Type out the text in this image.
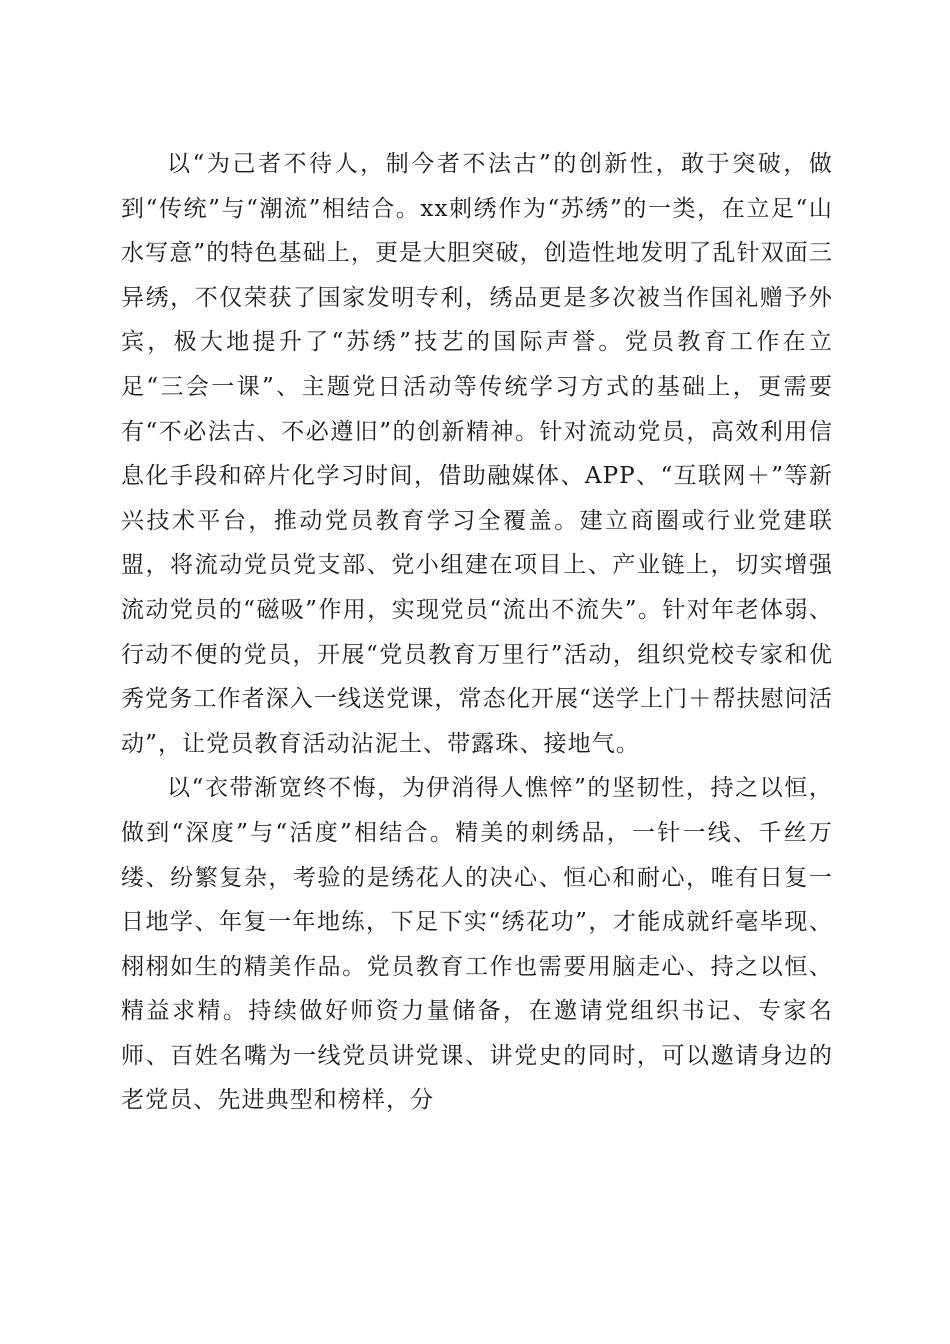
以“为己者不待人，制今者不法古”的创新性，敢于突破，做到“传统”与“潮流”相结合。xx刺绣作为“苏绣”的一类，在立足“山水写意”的特色基础上，更是大胆突破，创造性地发明了乱针双面三异绣，不仅荣获了国家发明专利，绣品更是多次被当作国礼赠予外宾，极大地提升了“苏绣”技艺的国际声誉。党员教育工作在立足“三会一课”、主题党日活动等传统学习方式的基础上，更需要有“不必法古、不必遵旧”的创新精神。针对流动党员，高效利用信息化手段和碎片化学习时间，借助融媒体、APP、“互联网＋”等新兴技术平台，推动党员教育学习全覆盖。建立商圈或行业党建联盟，将流动党员党支部、党小组建在项目上、产业链上，切实增强流动党员的“磁吸”作用，实现党员“流出不流失”。针对年老体弱、行动不便的党员，开展“党员教育万里行”活动，组织党校专家和优秀党务工作者深入一线送党课，常态化开展“送学上门＋帮扶慰问活动”，让党员教育活动沾泥土、带露珠、接地气。

以“衣带渐宽终不悔，为伊消得人憔悴”的坚韧性，持之以恒，做到“深度”与“活度”相结合。精美的刺绣品，一针一线、千丝万缕、纷繁复杂，考验的是绣花人的决心、恒心和耐心，唯有日复一日地学、年复一年地练，下足下实“绣花功”，才能成就纤毫毕现、栩栩如生的精美作品。党员教育工作也需要用脑走心、持之以恒、精益求精。持续做好师资力量储备，在邀请党组织书记、专家名师、百姓名嘴为一线党员讲党课、讲党史的同时，可以邀请身边的老党员、先进典型和榜样，分
